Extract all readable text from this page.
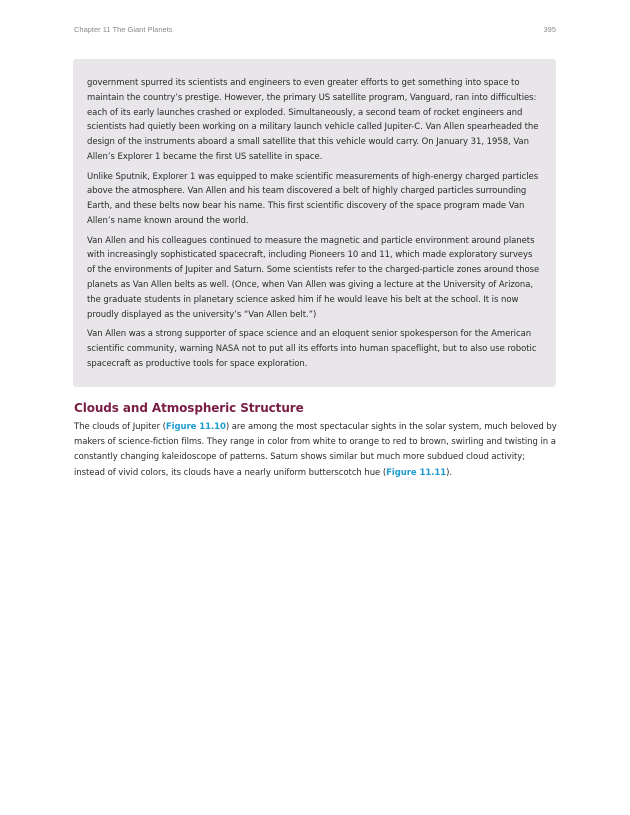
Chapter 11 The Giant Planets	395

government spurred its scientists and engineers to even greater efforts to get something into space to maintain the country’s prestige. However, the primary US satellite program, Vanguard, ran into difficulties: each of its early launches crashed or exploded. Simultaneously, a second team of rocket engineers and scientists had quietly been working on a military launch vehicle called Jupiter-C. Van Allen spearheaded the design of the instruments aboard a small satellite that this vehicle would carry. On January 31, 1958, Van Allen’s Explorer 1 became the first US satellite in space.

Unlike Sputnik, Explorer 1 was equipped to make scientific measurements of high-energy charged particles above the atmosphere. Van Allen and his team discovered a belt of highly charged particles surrounding Earth, and these belts now bear his name. This first scientific discovery of the space program made Van Allen’s name known around the world.

Van Allen and his colleagues continued to measure the magnetic and particle environment around planets with increasingly sophisticated spacecraft, including Pioneers 10 and 11, which made exploratory surveys of the environments of Jupiter and Saturn. Some scientists refer to the charged-particle zones around those planets as Van Allen belts as well. (Once, when Van Allen was giving a lecture at the University of Arizona, the graduate students in planetary science asked him if he would leave his belt at the school. It is now proudly displayed as the university’s “Van Allen belt.”)

Van Allen was a strong supporter of space science and an eloquent senior spokesperson for the American scientific community, warning NASA not to put all its efforts into human spaceflight, but to also use robotic spacecraft as productive tools for space exploration.

Clouds and Atmospheric Structure

The clouds of Jupiter (Figure 11.10) are among the most spectacular sights in the solar system, much beloved by makers of science-fiction films. They range in color from white to orange to red to brown, swirling and twisting in a constantly changing kaleidoscope of patterns. Saturn shows similar but much more subdued cloud activity; instead of vivid colors, its clouds have a nearly uniform butterscotch hue (Figure 11.11).
